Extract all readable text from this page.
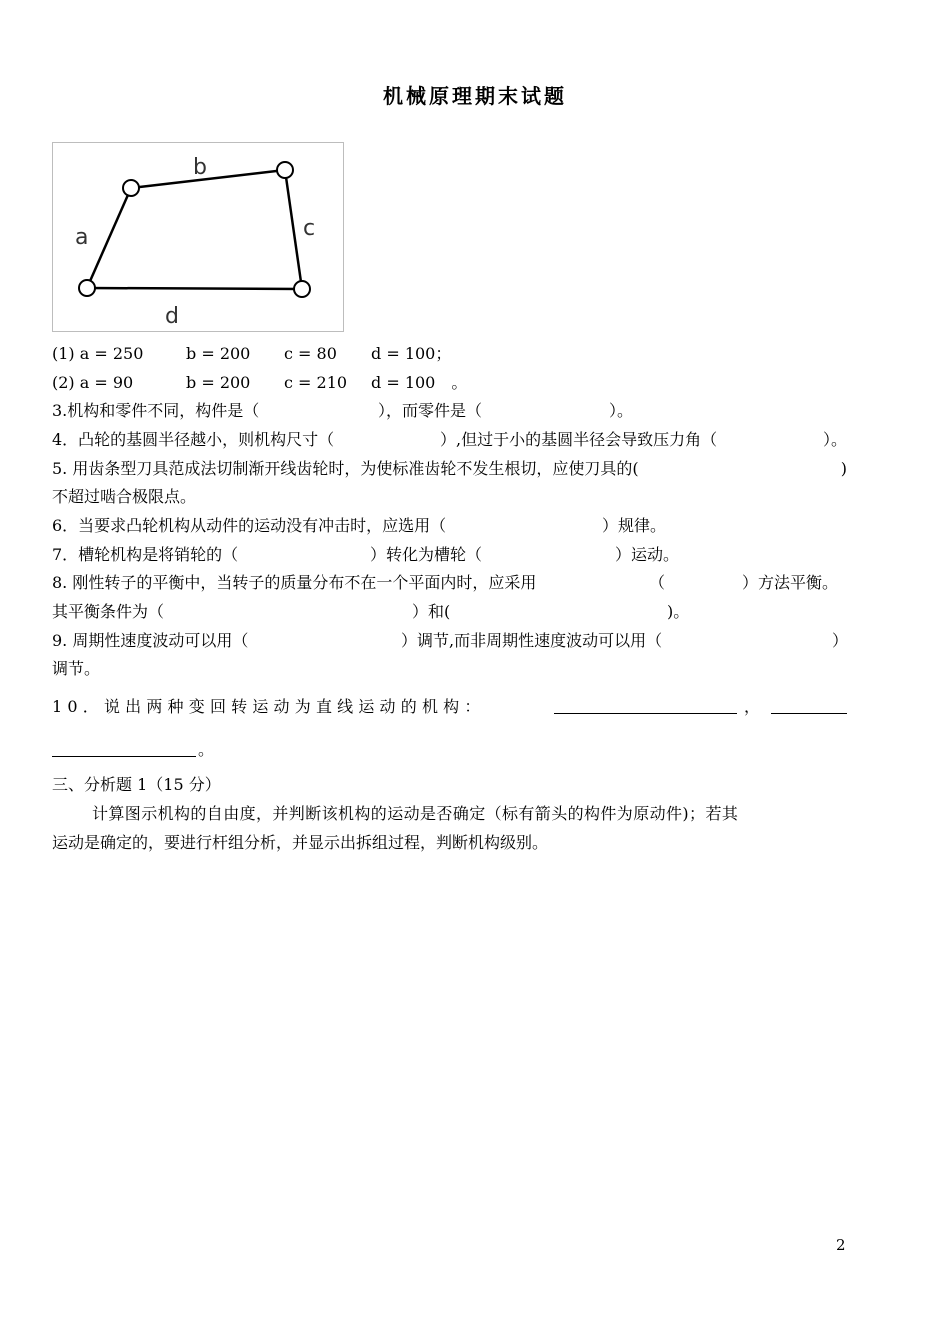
机械原理期末试题
a
b
c
d
(1) a = 250	b = 200 c = 80 d = 100；
(2) a = 90	b = 200 c = 210 d = 100　。
3.机构和零件不同，构件是（	），而零件是（	）。
4．凸轮的基圆半径越小，则机构尺寸（	）,但过于小的基圆半径会导致压力角（	）。
5. 用齿条型刀具范成法切制渐开线齿轮时，为使标准齿轮不发生根切，应使刀具的(	)
不超过啮合极限点。
6．当要求凸轮机构从动件的运动没有冲击时，应选用（	）规律。
7．槽轮机构是将销轮的（	）转化为槽轮（	）运动。
8. 刚性转子的平衡中，当转子的质量分布不在一个平面内时，应采用	（	）方法平衡。
其平衡条件为（	）和(	)。
9. 周期性速度波动可以用（	）调节,而非周期性速度波动可以用（	）
调节。
10．说出两种变回转运动为直线运动的机构：	，
。
三、分析题 1（15 分）
计算图示机构的自由度，并判断该机构的运动是否确定（标有箭头的构件为原动件)；若其
运动是确定的，要进行杆组分析，并显示出拆组过程，判断机构级别。
2
